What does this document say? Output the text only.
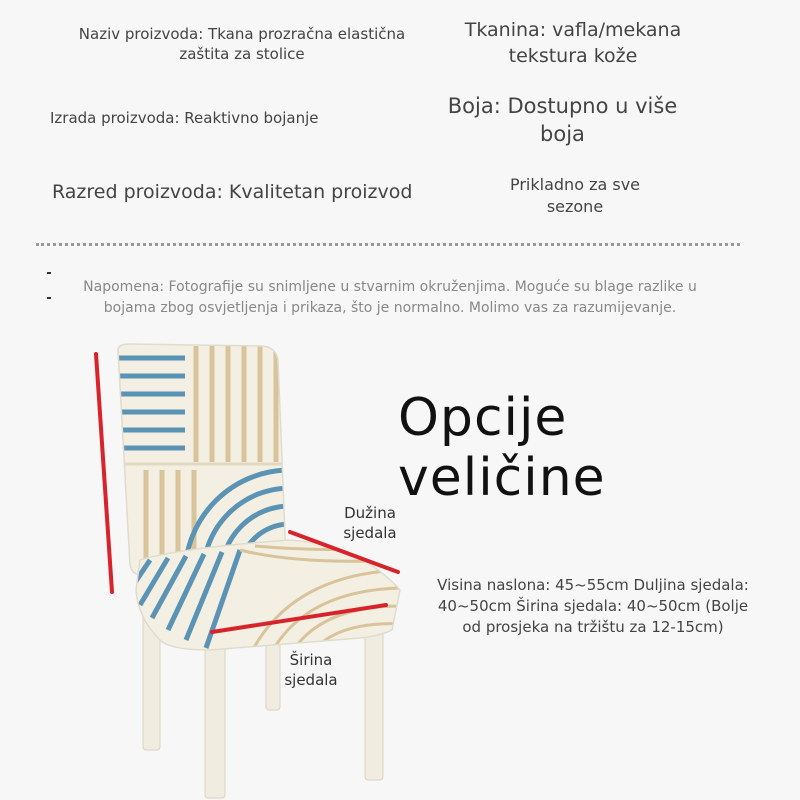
Naziv proizvoda: Tkana prozračna elastična zaštita za stolice
Tkanina: vafla/mekana tekstura kože
Izrada proizvoda: Reaktivno bojanje	Boja: Dostupno u više boja
Razred proizvoda: Kvalitetan proizvod	Prikladno za sve sezone
Napomena: Fotografije su snimljene u stvarnim okruženjima. Moguće su blage razlike u bojama zbog osvjetljenja i prikaza, što je normalno. Molimo vas za razumijevanje.
Opcije veličine
Dužina sjedala
Širina sjedala
Visina naslona: 45~55cm Duljina sjedala: 40~50cm Širina sjedala: 40~50cm (Bolje od prosjeka na tržištu za 12-15cm)
